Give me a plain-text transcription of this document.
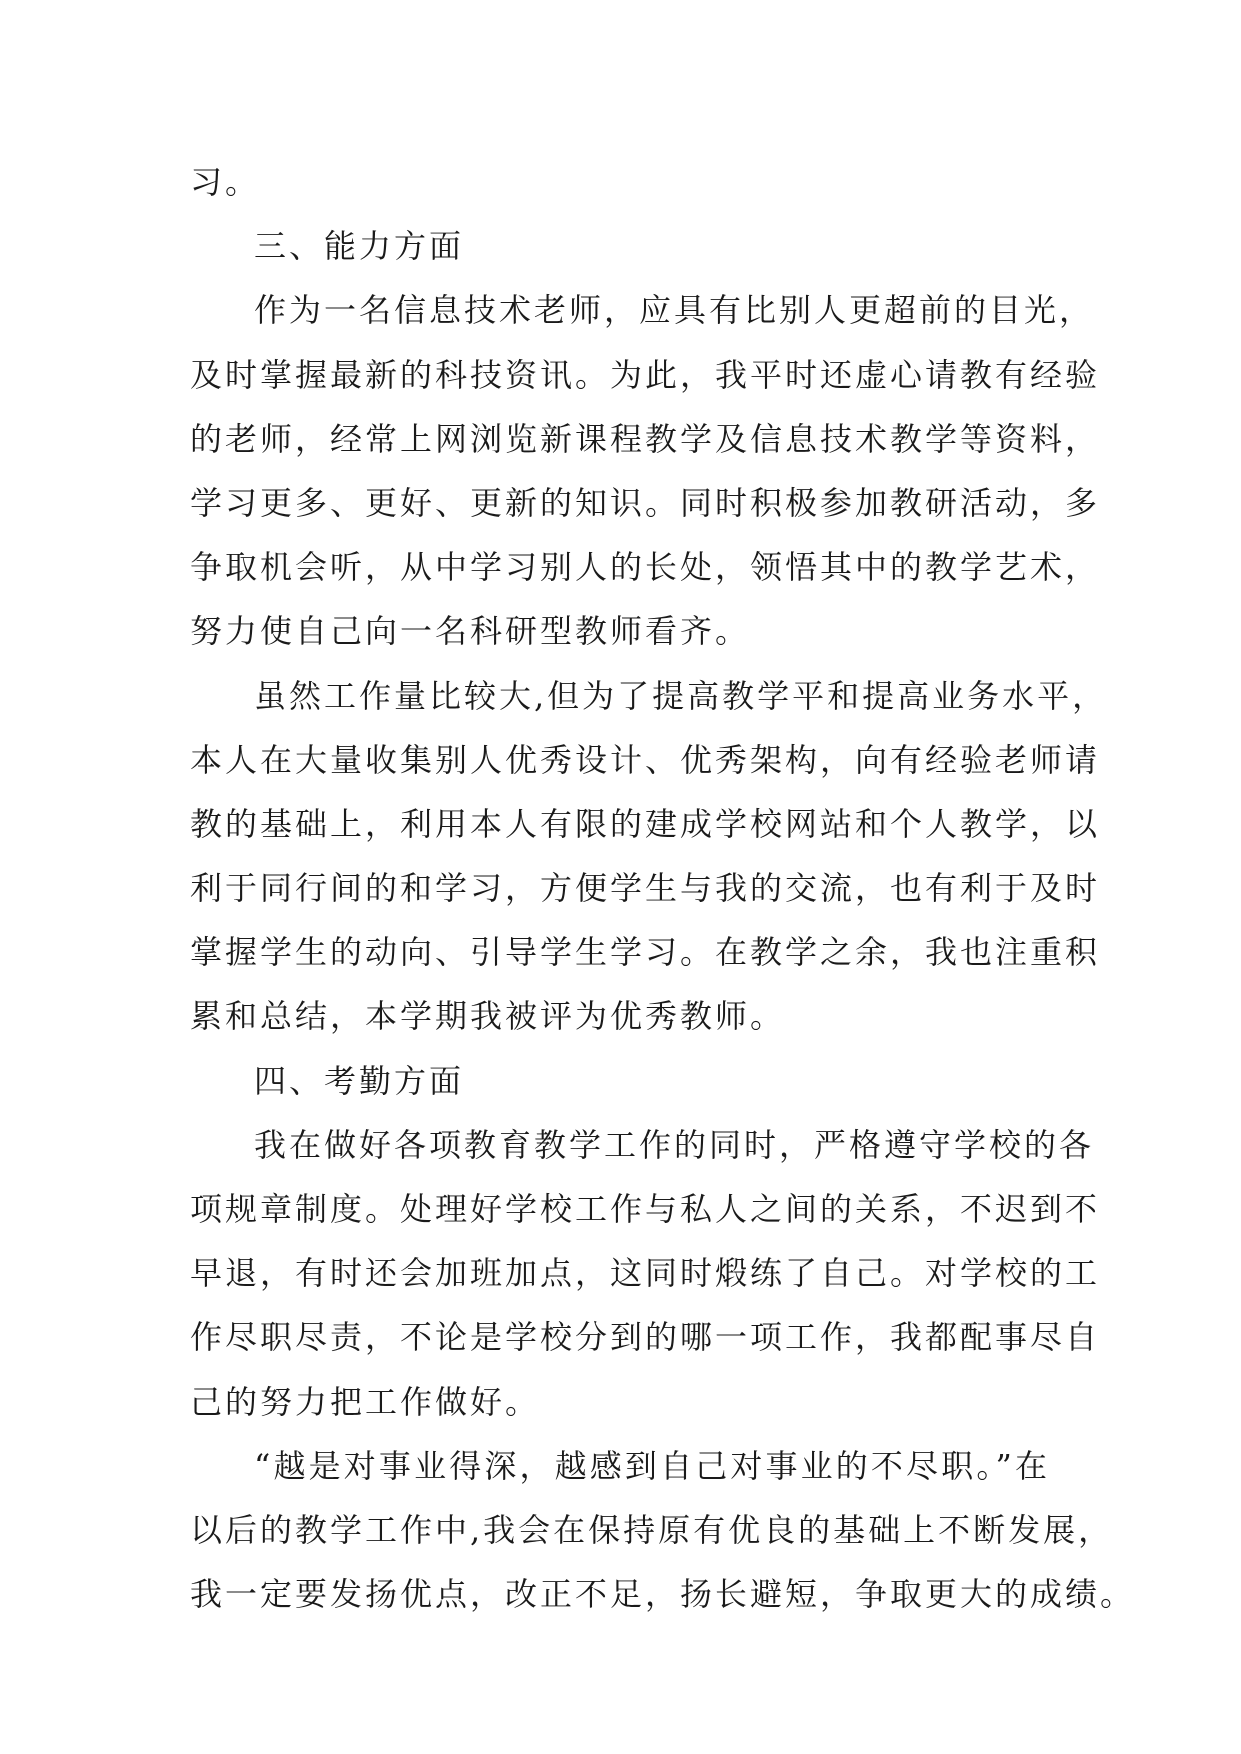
习。
三、能力方面
作为一名信息技术老师，应具有比别人更超前的目光，
及时掌握最新的科技资讯。为此，我平时还虚心请教有经验
的老师，经常上网浏览新课程教学及信息技术教学等资料，
学习更多、更好、更新的知识。同时积极参加教研活动，多
争取机会听，从中学习别人的长处，领悟其中的教学艺术，
努力使自己向一名科研型教师看齐。
虽然工作量比较大,但为了提高教学平和提高业务水平，
本人在大量收集别人优秀设计、优秀架构，向有经验老师请
教的基础上，利用本人有限的建成学校网站和个人教学，以
利于同行间的和学习，方便学生与我的交流，也有利于及时
掌握学生的动向、引导学生学习。在教学之余，我也注重积
累和总结，本学期我被评为优秀教师。
四、考勤方面
我在做好各项教育教学工作的同时，严格遵守学校的各
项规章制度。处理好学校工作与私人之间的关系，不迟到不
早退，有时还会加班加点，这同时煅练了自己。对学校的工
作尽职尽责，不论是学校分到的哪一项工作，我都配事尽自
己的努力把工作做好。
“越是对事业得深，越感到自己对事业的不尽职。”在
以后的教学工作中,我会在保持原有优良的基础上不断发展，
我一定要发扬优点，改正不足，扬长避短，争取更大的成绩。
